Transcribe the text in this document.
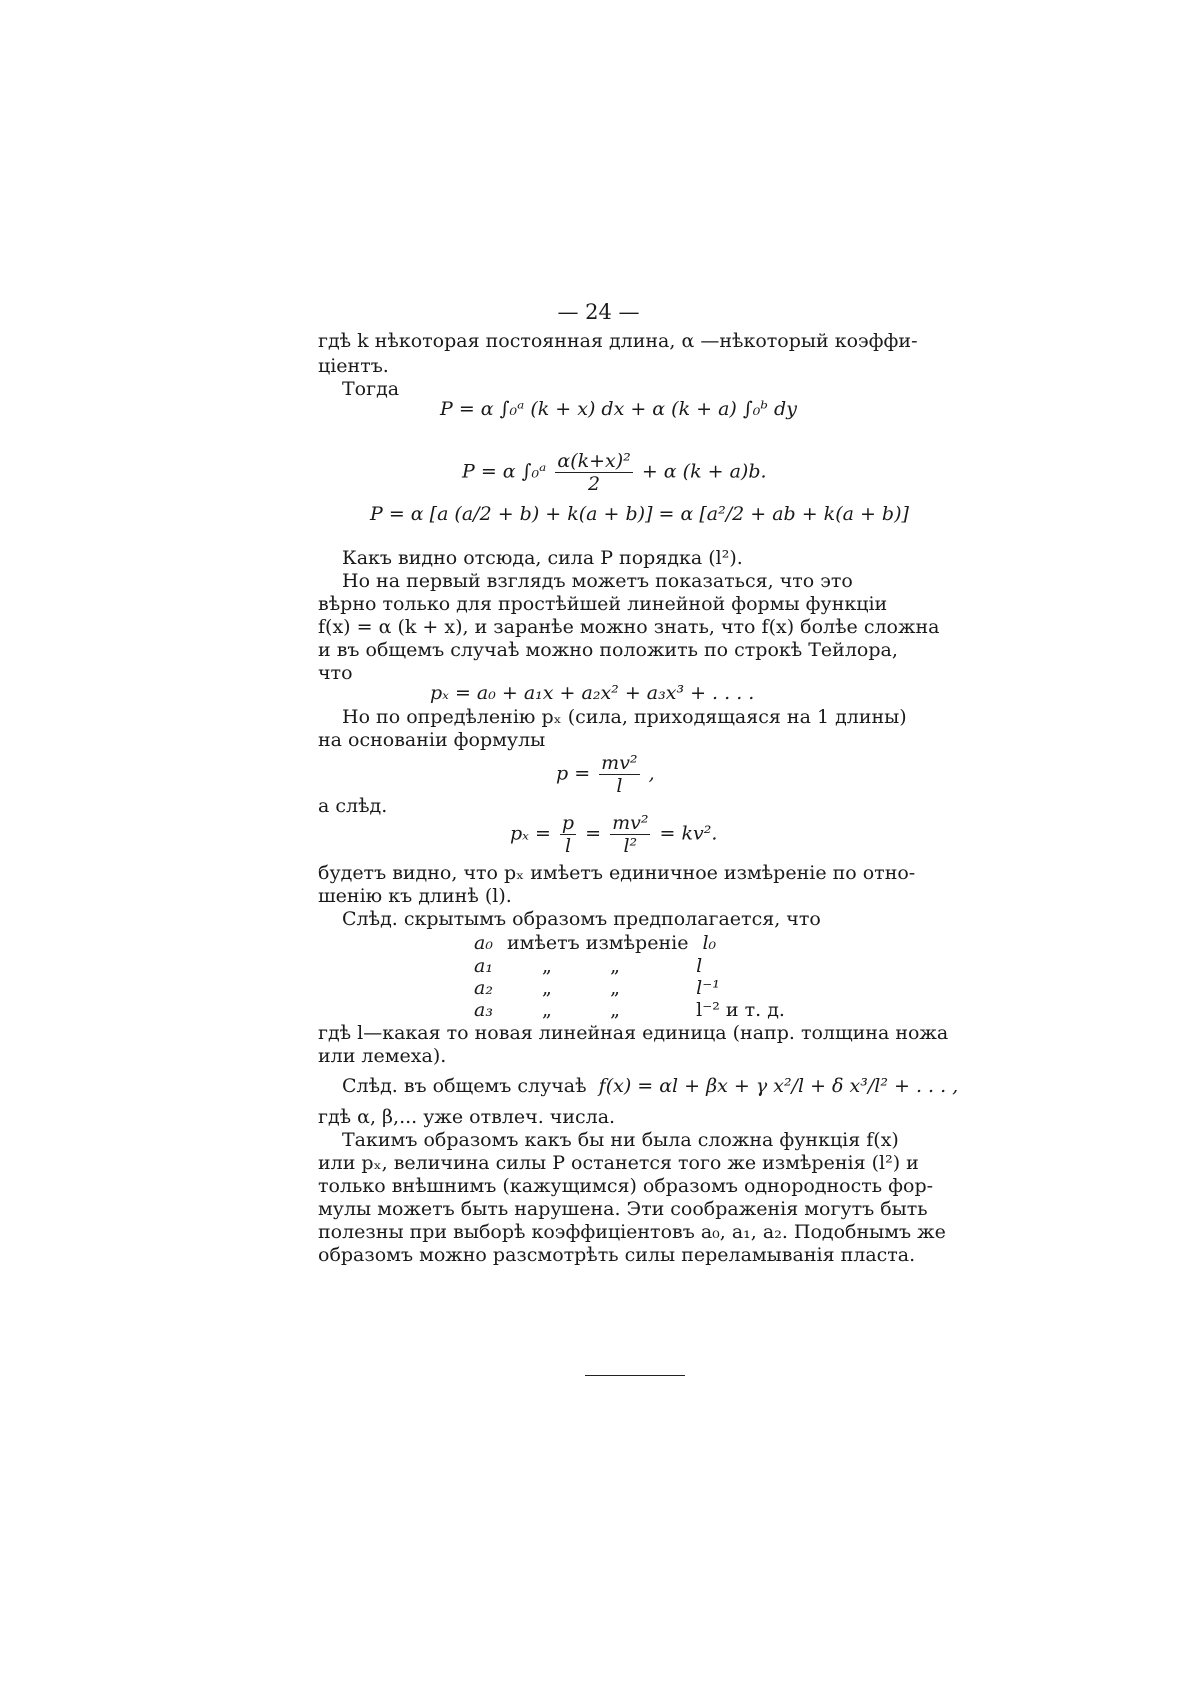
— 24 —
гдѣ k нѣкоторая постоянная длина, α —нѣкоторый коэффи-
ціентъ.
Тогда
P = α ∫₀ᵃ (k + x) dx + α (k + a) ∫₀ᵇ dy
P = α ∫₀ᵃ $\frac{\text{α(k+x)²}}{2} + \alpha$ (k + a)b.
P = α [a (a/2 + b) + k(a + b)] = α [a²/2 + ab + k(a + b)]
Какъ видно отсюда, сила P порядка (l²).
Но на первый взглядъ можетъ показаться, что это
вѣрно только для простѣйшей линейной формы функціи
f(x) = α (k + x), и заранѣе можно знать, что f(x) болѣе сложна
и въ общемъ случаѣ можно положить по строкѣ Тейлора,
что
pₓ = a₀ + a₁x + a₂x² + a₃x³ + . . . .
Но по опредѣленію pₓ (сила, приходящаяся на 1 длины)
на основаніи формулы
$p = \frac{\text{mv²}}{l}$ ,
а слѣд.
$p_x = \frac{p}{l} = \frac{\text{mv²}}{\text{l²}} = kv^2$.
будетъ видно, что pₓ имѣетъ единичное измѣреніе по отно-
шенію къ длинѣ (l).
Слѣд. скрытымъ образомъ предполагается, что
a₀ имѣетъ измѣреніе l₀
a₁	„	„	l
a₂	„	„	l⁻¹
a₃	„	„	l⁻² и т. д.
гдѣ l—какая то новая линейная единица (напр. толщина ножа
или лемеха).
Слѣд. въ общемъ случаѣ f(x) = αl + βx + γ x²/l + δ x³/l² + . . . ,
гдѣ α, β,... уже отвлеч. числа.
Такимъ образомъ какъ бы ни была сложна функція f(x)
или pₓ, величина силы P останется того же измѣренія (l²) и
только внѣшнимъ (кажущимся) образомъ однородность фор-
мулы можетъ быть нарушена. Эти соображенія могутъ быть
полезны при выборѣ коэффиціентовъ a₀, a₁, a₂. Подобнымъ же
образомъ можно разсмотрѣть силы переламыванія пласта.
